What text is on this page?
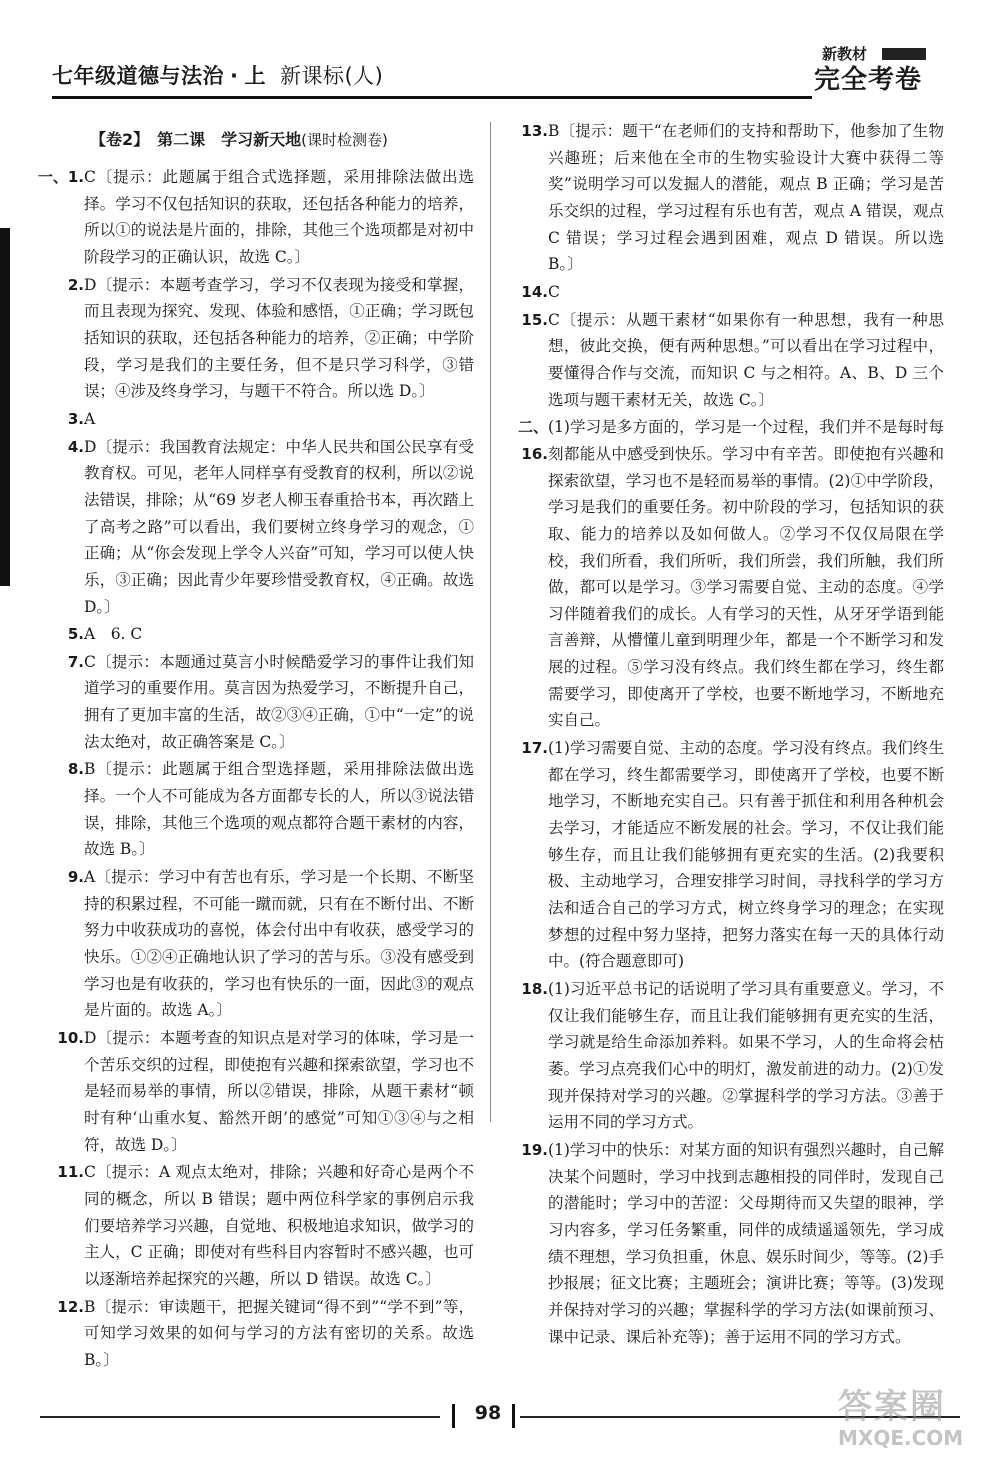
七年级道德与法治 · 上 新课标(人)
新教材
完全考卷
【卷2】　 第二课　学习新天地(课时检测卷)
一、1. C〔提示：此题属于组合式选择题，采用排除法做出选择。学习不仅包括知识的获取，还包括各种能力的培养，所以①的说法是片面的，排除，其他三个选项都是对初中阶段学习的正确认识，故选 C。〕
2. D〔提示：本题考查学习，学习不仅表现为接受和掌握，而且表现为探究、发现、体验和感悟，①正确；学习既包括知识的获取，还包括各种能力的培养，②正确；中学阶段，学习是我们的主要任务，但不是只学习科学，③错误；④涉及终身学习，与题干不符合。所以选 D。〕
3. A
4. D〔提示：我国教育法规定：中华人民共和国公民享有受教育权。可见，老年人同样享有受教育的权利，所以②说法错误，排除；从“69 岁老人柳玉春重拾书本，再次踏上了高考之路”可以看出，我们要树立终身学习的观念，①正确；从“你会发现上学令人兴奋”可知，学习可以使人快乐，③正确；因此青少年要珍惜受教育权，④正确。故选 D。〕
5. A　6. C
7. C〔提示：本题通过莫言小时候酷爱学习的事件让我们知道学习的重要作用。莫言因为热爱学习，不断提升自己，拥有了更加丰富的生活，故②③④正确，①中“一定”的说法太绝对，故正确答案是 C。〕
8. B〔提示：此题属于组合型选择题，采用排除法做出选择。一个人不可能成为各方面都专长的人，所以③说法错误，排除，其他三个选项的观点都符合题干素材的内容，故选 B。〕
9. A〔提示：学习中有苦也有乐，学习是一个长期、不断坚持的积累过程，不可能一蹴而就，只有在不断付出、不断努力中收获成功的喜悦，体会付出中有收获，感受学习的快乐。①②④正确地认识了学习的苦与乐。③没有感受到学习也是有收获的，学习也有快乐的一面，因此③的观点是片面的。故选 A。〕
10. D〔提示：本题考查的知识点是对学习的体味，学习是一个苦乐交织的过程，即使抱有兴趣和探索欲望，学习也不是轻而易举的事情，所以②错误，排除，从题干素材“顿时有种‘山重水复、豁然开朗’的感觉”可知①③④与之相符，故选 D。〕
11. C〔提示：A 观点太绝对，排除；兴趣和好奇心是两个不同的概念，所以 B 错误；题中两位科学家的事例启示我们要培养学习兴趣，自觉地、积极地追求知识，做学习的主人，C 正确；即使对有些科目内容暂时不感兴趣，也可以逐渐培养起探究的兴趣，所以 D 错误。故选 C。〕
12. B〔提示：审读题干，把握关键词“得不到”“学不到”等，可知学习效果的如何与学习的方法有密切的关系。故选 B。〕
13. B〔提示：题干“在老师们的支持和帮助下，他参加了生物兴趣班；后来他在全市的生物实验设计大赛中获得二等奖”说明学习可以发掘人的潜能，观点 B 正确；学习是苦乐交织的过程，学习过程有乐也有苦，观点 A 错误，观点 C 错误；学习过程会遇到困难，观点 D 错误。所以选 B。〕
14. C
15. C〔提示：从题干素材“如果你有一种思想，我有一种思想，彼此交换，便有两种思想。”可以看出在学习过程中，要懂得合作与交流，而知识 C 与之相符。A、B、D 三个选项与题干素材无关，故选 C。〕
二、16.
(1)学习是多方面的，学习是一个过程，我们并不是每时每刻都能从中感受到快乐。学习中有辛苦。即使抱有兴趣和探索欲望，学习也不是轻而易举的事情。(2)①中学阶段，学习是我们的重要任务。初中阶段的学习，包括知识的获取、能力的培养以及如何做人。②学习不仅仅局限在学校，我们所看，我们所听，我们所尝，我们所触，我们所做，都可以是学习。③学习需要自觉、主动的态度。④学习伴随着我们的成长。人有学习的天性，从牙牙学语到能言善辩，从懵懂儿童到明理少年，都是一个不断学习和发展的过程。⑤学习没有终点。我们终生都在学习，终生都需要学习，即使离开了学校，也要不断地学习，不断地充实自己。
17. (1)学习需要自觉、主动的态度。学习没有终点。我们终生都在学习，终生都需要学习，即使离开了学校，也要不断地学习，不断地充实自己。只有善于抓住和利用各种机会去学习，才能适应不断发展的社会。学习，不仅让我们能够生存，而且让我们能够拥有更充实的生活。(2)我要积极、主动地学习，合理安排学习时间，寻找科学的学习方法和适合自己的学习方式，树立终身学习的理念；在实现梦想的过程中努力坚持，把努力落实在每一天的具体行动中。(符合题意即可)
18. (1)习近平总书记的话说明了学习具有重要意义。学习，不仅让我们能够生存，而且让我们能够拥有更充实的生活，学习就是给生命添加养料。如果不学习，人的生命将会枯萎。学习点亮我们心中的明灯，激发前进的动力。(2)①发现并保持对学习的兴趣。②掌握科学的学习方法。③善于运用不同的学习方式。
19. (1)学习中的快乐：对某方面的知识有强烈兴趣时，自己解决某个问题时，学习中找到志趣相投的同伴时，发现自己的潜能时；学习中的苦涩：父母期待而又失望的眼神，学习内容多，学习任务繁重，同伴的成绩遥遥领先，学习成绩不理想，学习负担重，休息、娱乐时间少，等等。(2)手抄报展；征文比赛；主题班会；演讲比赛；等等。(3)发现并保持对学习的兴趣；掌握科学的学习方法(如课前预习、课中记录、课后补充等)；善于运用不同的学习方式。
98	答案圈
MXQE.COM
